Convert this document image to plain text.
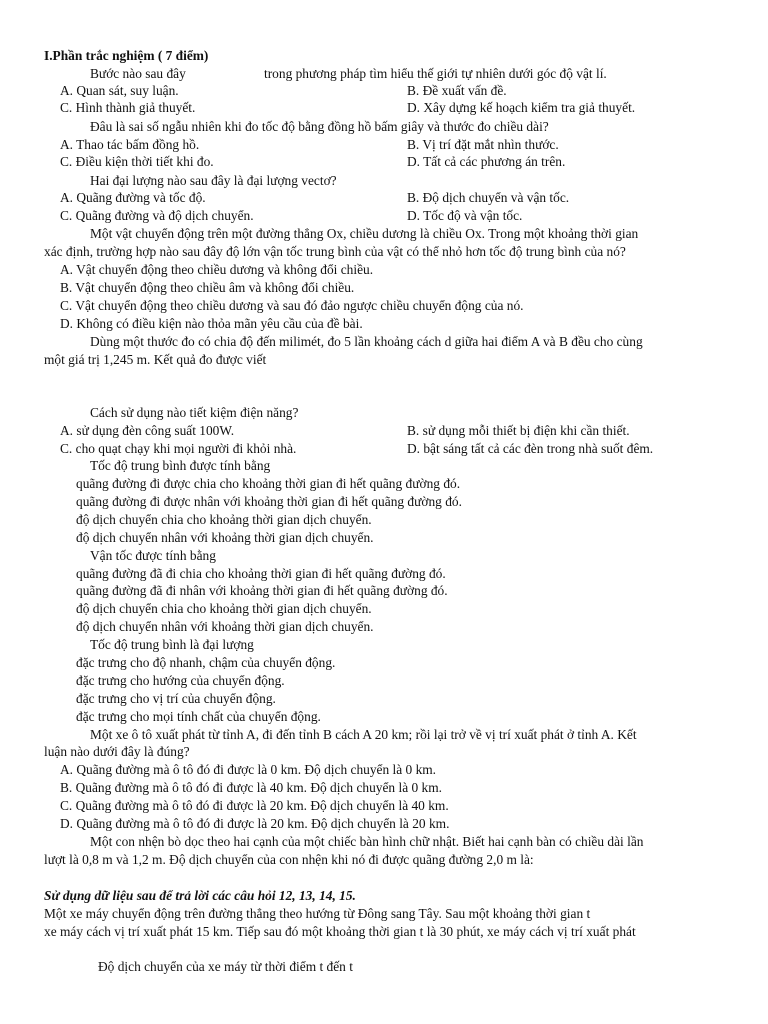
I.Phần trắc nghiệm ( 7 điểm)
Bước nào sau đây	trong phương pháp tìm hiểu thế giới tự nhiên dưới góc độ vật lí.
A. Quan sát, suy luận.	B. Đề xuất vấn đề.
C. Hình thành giả thuyết.	D. Xây dựng kế hoạch kiểm tra giả thuyết.
Đâu là sai số ngẫu nhiên khi đo tốc độ bằng đồng hồ bấm giây và thước đo chiều dài?
A. Thao tác bấm đồng hồ.	B. Vị trí đặt mắt nhìn thước.
C. Điều kiện thời tiết khi đo.	D. Tất cả các phương án trên.
Hai đại lượng nào sau đây là đại lượng vectơ?
A. Quãng đường và tốc độ.	B. Độ dịch chuyển và vận tốc.
C. Quãng đường và độ dịch chuyển.	D. Tốc độ và vận tốc.
Một vật chuyển động trên một đường thẳng Ox, chiều dương là chiều Ox. Trong một khoảng thời gian
xác định, trường hợp nào sau đây độ lớn vận tốc trung bình của vật có thể nhỏ hơn tốc độ trung bình của nó?
A. Vật chuyển động theo chiều dương và không đổi chiều.
B. Vật chuyển động theo chiều âm và không đổi chiều.
C. Vật chuyển động theo chiều dương và sau đó đảo ngược chiều chuyển động của nó.
D. Không có điều kiện nào thỏa mãn yêu cầu của đề bài.
Dùng một thước đo có chia độ đến milimét, đo 5 lần khoảng cách d giữa hai điểm A và B đều cho cùng
một giá trị 1,245 m. Kết quả đo được viết
Cách sử dụng nào tiết kiệm điện năng?
A. sử dụng đèn công suất 100W.	B. sử dụng mỗi thiết bị điện khi cần thiết.
C. cho quạt chạy khi mọi người đi khỏi nhà.	D. bật sáng tất cả các đèn trong nhà suốt đêm.
Tốc độ trung bình được tính bằng
quãng đường đi được chia cho khoảng thời gian đi hết quãng đường đó.
quãng đường đi được nhân với khoảng thời gian đi hết quãng đường đó.
độ dịch chuyển chia cho khoảng thời gian dịch chuyển.
độ dịch chuyển nhân với khoảng thời gian dịch chuyển.
Vận tốc được tính bằng
quãng đường đã đi chia cho khoảng thời gian đi hết quãng đường đó.
quãng đường đã đi nhân với khoảng thời gian đi hết quãng đường đó.
độ dịch chuyển chia cho khoảng thời gian dịch chuyển.
độ dịch chuyển nhân với khoảng thời gian dịch chuyển.
Tốc độ trung bình là đại lượng
đặc trưng cho độ nhanh, chậm của chuyển động.
đặc trưng cho hướng của chuyển động.
đặc trưng cho vị trí của chuyển động.
đặc trưng cho mọi tính chất của chuyển động.
Một xe ô tô xuất phát từ tỉnh A, đi đến tỉnh B cách A 20 km; rồi lại trở về vị trí xuất phát ở tỉnh A. Kết
luận nào dưới đây là đúng?
A. Quãng đường mà ô tô đó đi được là 0 km. Độ dịch chuyển là 0 km.
B. Quãng đường mà ô tô đó đi được là 40 km. Độ dịch chuyển là 0 km.
C. Quãng đường mà ô tô đó đi được là 20 km. Độ dịch chuyển là 40 km.
D. Quãng đường mà ô tô đó đi được là 20 km. Độ dịch chuyển là 20 km.
Một con nhện bò dọc theo hai cạnh của một chiếc bàn hình chữ nhật. Biết hai cạnh bàn có chiều dài lần
lượt là 0,8 m và 1,2 m. Độ dịch chuyển của con nhện khi nó đi được quãng đường 2,0 m là:
Sử dụng dữ liệu sau để trả lời các câu hỏi 12, 13, 14, 15.
Một xe máy chuyển động trên đường thẳng theo hướng từ Đông sang Tây. Sau một khoảng thời gian t
xe máy cách vị trí xuất phát 15 km. Tiếp sau đó một khoảng thời gian t là 30 phút, xe máy cách vị trí xuất phát
Độ dịch chuyển của xe máy từ thời điểm t đến t
